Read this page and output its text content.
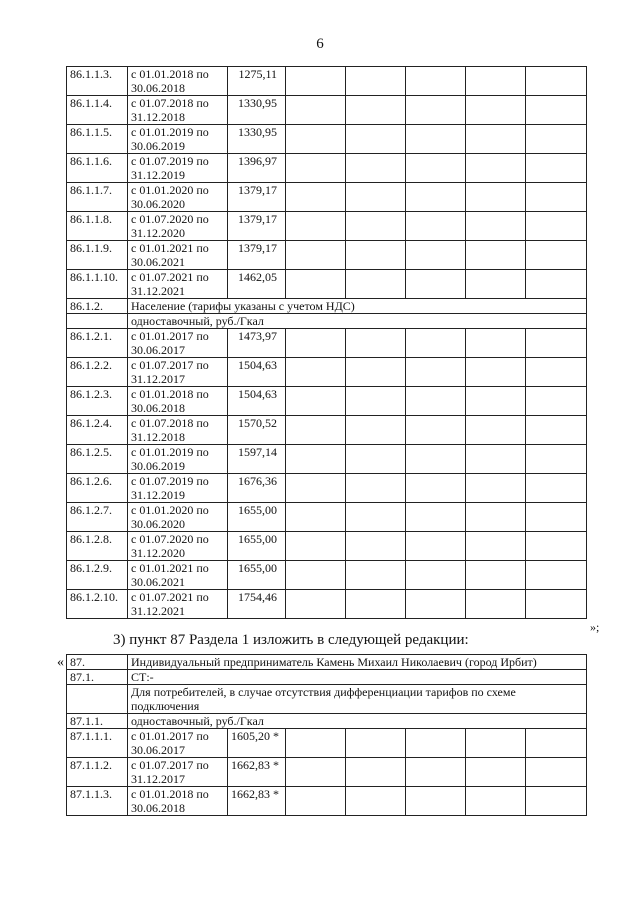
6
86.1.1.3.	с 01.01.2018 по 30.06.2018	1275,11					
86.1.1.4.	с 01.07.2018 по 31.12.2018	1330,95					
86.1.1.5.	с 01.01.2019 по 30.06.2019	1330,95					
86.1.1.6.	с 01.07.2019 по 31.12.2019	1396,97					
86.1.1.7.	с 01.01.2020 по 30.06.2020	1379,17					
86.1.1.8.	с 01.07.2020 по 31.12.2020	1379,17					
86.1.1.9.	с 01.01.2021 по 30.06.2021	1379,17					
86.1.1.10.	с 01.07.2021 по 31.12.2021	1462,05					
86.1.2.	Население (тарифы указаны с учетом НДС)						
	одноставочный, руб./Гкал						
86.1.2.1.	с 01.01.2017 по 30.06.2017	1473,97					
86.1.2.2.	с 01.07.2017 по 31.12.2017	1504,63					
86.1.2.3.	с 01.01.2018 по 30.06.2018	1504,63					
86.1.2.4.	с 01.07.2018 по 31.12.2018	1570,52					
86.1.2.5.	с 01.01.2019 по 30.06.2019	1597,14					
86.1.2.6.	с 01.07.2019 по 31.12.2019	1676,36					
86.1.2.7.	с 01.01.2020 по 30.06.2020	1655,00					
86.1.2.8.	с 01.07.2020 по 31.12.2020	1655,00					
86.1.2.9.	с 01.01.2021 по 30.06.2021	1655,00					
86.1.2.10.	с 01.07.2021 по 31.12.2021	1754,46					
»;
3) пункт 87 Раздела 1 изложить в следующей редакции:
« 87.	Индивидуальный предприниматель Камень Михаил Николаевич (город Ирбит)						
87.1.	СТ:-						
	Для потребителей, в случае отсутствия дифференциации тарифов по схеме подключения						
87.1.1.	одноставочный, руб./Гкал						
87.1.1.1.	с 01.01.2017 по 30.06.2017	1605,20 *					
87.1.1.2.	с 01.07.2017 по 31.12.2017	1662,83 *					
87.1.1.3.	с 01.01.2018 по 30.06.2018	1662,83 *					
